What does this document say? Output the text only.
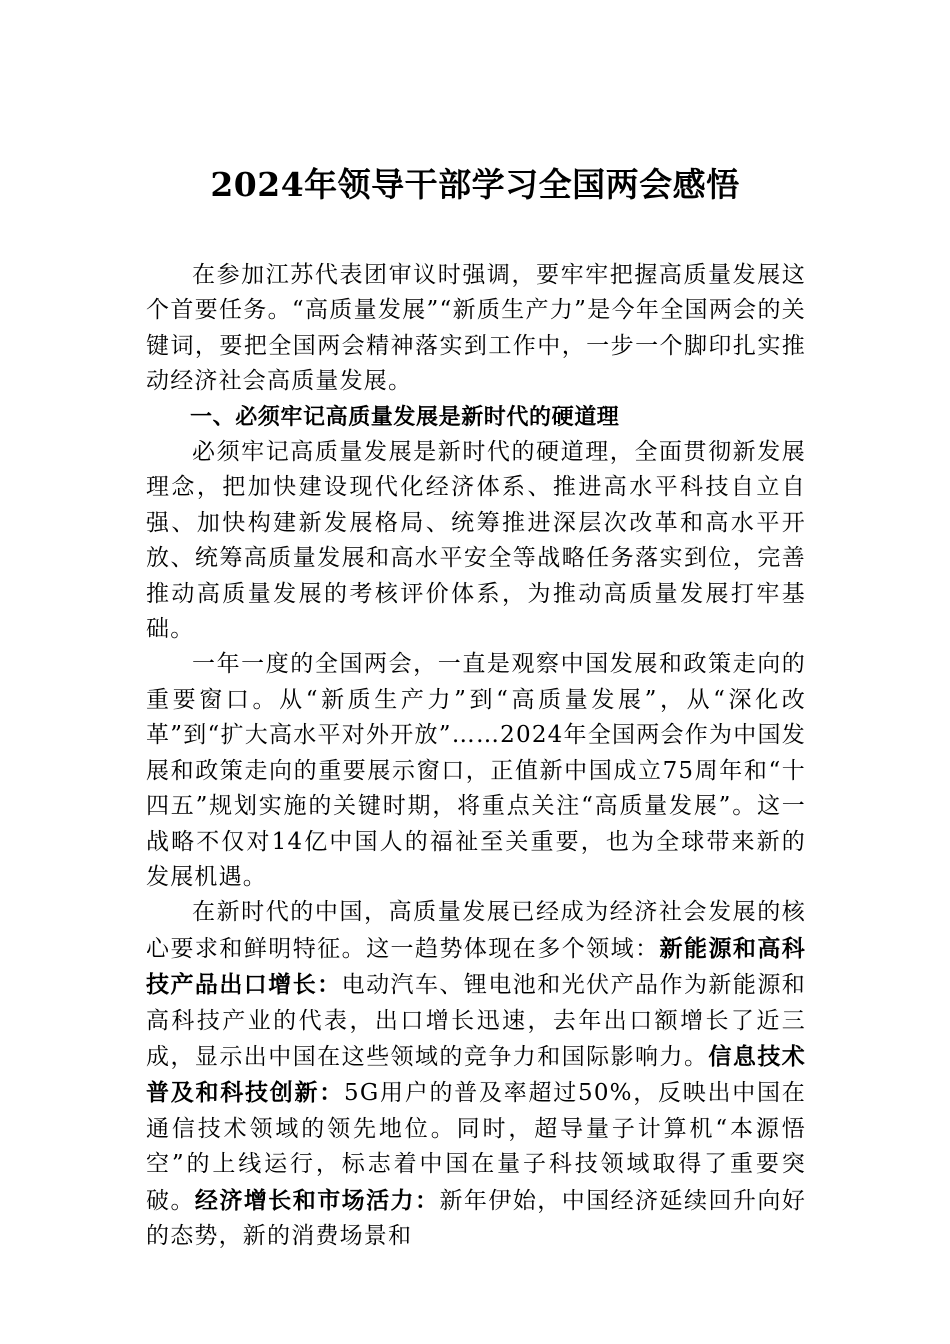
2024年领导干部学习全国两会感悟

在参加江苏代表团审议时强调，要牢牢把握高质量发展这个首要任务。“高质量发展”“新质生产力”是今年全国两会的关键词，要把全国两会精神落实到工作中，一步一个脚印扎实推动经济社会高质量发展。

一、必须牢记高质量发展是新时代的硬道理

必须牢记高质量发展是新时代的硬道理，全面贯彻新发展理念，把加快建设现代化经济体系、推进高水平科技自立自强、加快构建新发展格局、统筹推进深层次改革和高水平开放、统筹高质量发展和高水平安全等战略任务落实到位，完善推动高质量发展的考核评价体系，为推动高质量发展打牢基础。

一年一度的全国两会，一直是观察中国发展和政策走向的重要窗口。从“新质生产力”到“高质量发展”，从“深化改革”到“扩大高水平对外开放”……2024年全国两会作为中国发展和政策走向的重要展示窗口，正值新中国成立75周年和“十四五”规划实施的关键时期，将重点关注“高质量发展”。这一战略不仅对14亿中国人的福祉至关重要，也为全球带来新的发展机遇。

在新时代的中国，高质量发展已经成为经济社会发展的核心要求和鲜明特征。这一趋势体现在多个领域：新能源和高科技产品出口增长：电动汽车、锂电池和光伏产品作为新能源和高科技产业的代表，出口增长迅速，去年出口额增长了近三成，显示出中国在这些领域的竞争力和国际影响力。信息技术普及和科技创新：5G用户的普及率超过50%，反映出中国在通信技术领域的领先地位。同时，超导量子计算机“本源悟空”的上线运行，标志着中国在量子科技领域取得了重要突破。经济增长和市场活力：新年伊始，中国经济延续回升向好的态势，新的消费场景和
